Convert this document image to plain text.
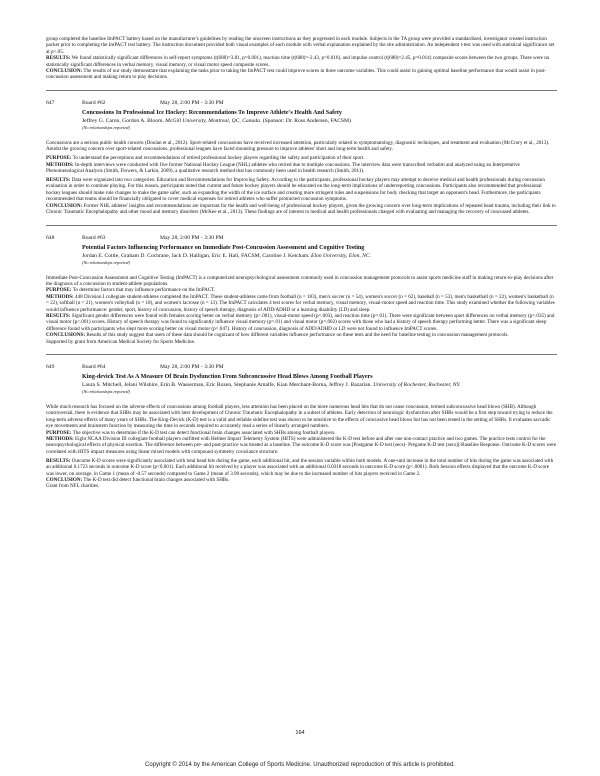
group completed the baseline ImPACT battery based on the manufacturer's guidelines by reading the onscreen instructions as they progressed in each module. Subjects in the TA group were provided a standardized, investigator created instruction packet prior to completing the ImPACT test battery. The instruction document provided both visual examples of each module with verbal explanation explained by the site administration. An independent t-test was used with statistical significance set at p<.05.

RESULTS: We found statistically significant differences in self-report symptoms (t(688)=3.81, p=0.001), reaction time (t(688)=-2.43, p=0.016), and impulse control (t(688)=2.45, p=0.014) composite scores between the two groups. There were no statistically significant differences in verbal memory, visual memory, or visual motor speed composite scores.

CONCLUSION: The results of our study demonstrate that explaining the tasks prior to taking the ImPACT test could improve scores in three outcome variables. This could assist in gaining optimal baseline performance that would assist in post-concussion assessment and making return to play decisions.

647	Board #62	May 28, 2:00 PM - 3:30 PM

Concussions In Professional Ice Hockey: Recommendations To Improve Athlete's Health And Safety

Jeffrey G. Caron, Gordon A. Bloom. McGill University, Montreal, QC, Canada. (Sponsor: Dr. Ross Andersen, FACSM)

(No relationships reported)

Concussions are a serious public health concern (Doolan et al., 2012). Sport-related concussions have received increased attention, particularly related to symptomatology, diagnostic techniques, and treatment and evaluation (McCrory et al., 2013). Amidst the growing concern over sport-related concussions, professional leagues have faced mounting pressure to improve athletes' short and long-term health and safety.

PURPOSE: To understand the perceptions and recommendations of retired professional hockey players regarding the safety and participation of their sport.

METHODS: In-depth interviews were conducted with five former National Hockey League (NHL) athletes who retired due to multiple concussions. The interview data were transcribed verbatim and analyzed using an Interpretative Phenomenological Analysis (Smith, Flowers, & Larkin, 2009), a qualitative research method that has commonly been used in health research (Smith, 2011).

RESULTS: Data were organized into two categories: Education and Recommendations for Improving Safety. According to the participants, professional hockey players may attempt to deceive medical and health professionals during concussion evaluation in order to continue playing. For this reason, participants noted that current and future hockey players should be educated on the long-term implications of underreporting concussions. Participants also recommended that professional hockey leagues should make rule changes to make the game safer, such as expanding the width of the ice surface and creating more stringent rules and suspensions for body checking that target an opponent's head. Furthermore, the participants recommended that teams should be financially obligated to cover medical expenses for retired athletes who suffer protracted concussion symptoms.

CONCLUSION: Former NHL athletes' insights and recommendations are important for the health and well-being of professional hockey players, given the growing concern over long-term implications of repeated head trauma, including their link to Chronic Traumatic Encephalopathy and other mood and memory disorders (McKee et al., 2013). These findings are of interest to medical and health professionals charged with evaluating and managing the recovery of concussed athletes.

648	Board #63	May 28, 2:00 PM - 3:30 PM

Potential Factors Influencing Performance on Immediate Post-Concussion Assessment and Cognitive Testing

Jordan E. Cottle, Graham D. Cochrane, Jack D. Halligan, Eric E. Hall, FACSM, Caroline J. Ketcham. Elon University, Elon, NC.

(No relationships reported)

Immediate Post-Concussion Assessment and Cognitive Testing (ImPACT) is a computerized neuropsychological assessment commonly used in concussion management protocols to assist sports medicine staff in making return-to-play decisions after the diagnosis of a concussion in student-athlete populations.

PURPOSE: To determine factors that may influence performance on the ImPACT.

METHODS: 448 Division I collegiate student-athletes completed the ImPACT. These student-athletes came from football (n = 183), men's soccer (n = 54), women's soccer (n = 62), baseball (n = 53), men's basketball (n = 22), women's basketball (n = 22), softball (n = 21), women's volleyball (n = 18), and women's lacrosse (n = 13). The ImPACT calculates 4 test scores for verbal memory, visual memory, visual-motor speed and reaction time. This study examined whether the following variables would influence performance: gender, sport, history of concussion, history of speech therapy, diagnosis of ADD/ADHD or a learning disability (LD) and sleep.

RESULTS: Significant gender differences were found with females scoring better on verbal memory (p<.001), visual-motor speed (p=.003), and reaction time (p=.01). There were significant between sport differences on verbal memory (p=.035) and visual motor (p<.001) scores. History of speech therapy was found to significantly influence visual memory (p=.01) and visual motor (p=.002) scores with those who had a history of speech therapy performing better. There was a significant sleep difference found with participants who slept more scoring better on visual motor (p=.047). History of concussion, diagnosis of ADD/ADHD or LD were not found to influence ImPACT scores.

CONCLUSIONS: Results of this study suggest that users of these data should be cognizant of how different variables influence performance on these tests and the need for baseline testing in concussion management protocols.

Supported by grant from American Medical Society for Sports Medicine.

649	Board #64	May 28, 2:00 PM - 3:30 PM

King-devick Test As A Measure Of Brain Dysfunction From Subconcussive Head Blows Among Football Players

Laura S. Mitchell, Jelani Wilshire, Erin B. Wasserman, Eric Rozen, Stephanie Amalfe, Kian Merchant-Borna, Jeffrey J. Bazarian. University of Rochester, Rochester, NY.

(No relationships reported)

While much research has focused on the adverse effects of concussions among football players, less attention has been placed on the more numerous head hits that do not cause concussion, termed subconcussive head blows (SHB). Although controversial, there is evidence that SHBs may be associated with later development of Chronic Traumatic Encephalopathy in a subset of athletes. Early detection of neurologic dysfunction after SHBs would be a first step toward trying to reduce the long-term adverse effects of many years of SHBs. The King-Devick (K-D) test is a valid and reliable sideline test was shown to be sensitive to the effects of concussive head blows but has not been tested in the setting of SHBs. It evaluates saccadic eye movements and brainstem function by measuring the time in seconds required to accurately read a series of linearly arranged numbers.

PURPOSE: The objective was to determine if the K-D test can detect functional brain changes associated with SHBs among football players.

METHODS: Eight NCAA Division III collegiate football players outfitted with Helmet Impact Telemetry System (HITS) were administered the K-D test before and after one non-contact practice and two games. The practice tests control for the neuropsychological effects of physical exertion. The difference between pre- and post-practice was treated as a baseline. The outcome K-D score was [Postgame K-D test (secs)- Pregame K-D test (secs)]-Baseline Response. Outcome K-D scores were correlated with HITS impact measures using linear mixed models with compound symmetry covariance structure.

RESULTS: Outcome K-D scores were significantly associated with total head hits during the game, each additional hit, and the session variable within both models. A one-unit increase in the total number of hits during the game was associated with an additional 0.1723 seconds in outcome K-D score (p<0.001). Each additional hit received by a player was associated with an additional 0.0318 seconds in outcome K-D score (p<.0001). Both Session effects displayed that the outcome K-D score was lower, on average, in Game 1 (mean of -0.57 seconds) compared to Game 2 (mean of 3.90 seconds), which may be due to the increased number of hits players received in Game 2.

CONCLUSION: The K-D test did detect functional brain changes associated with SHBs.

Grant from NFL charities.

164
Copyright © 2014 by the American College of Sports Medicine. Unauthorized reproduction of this article is prohibited.
